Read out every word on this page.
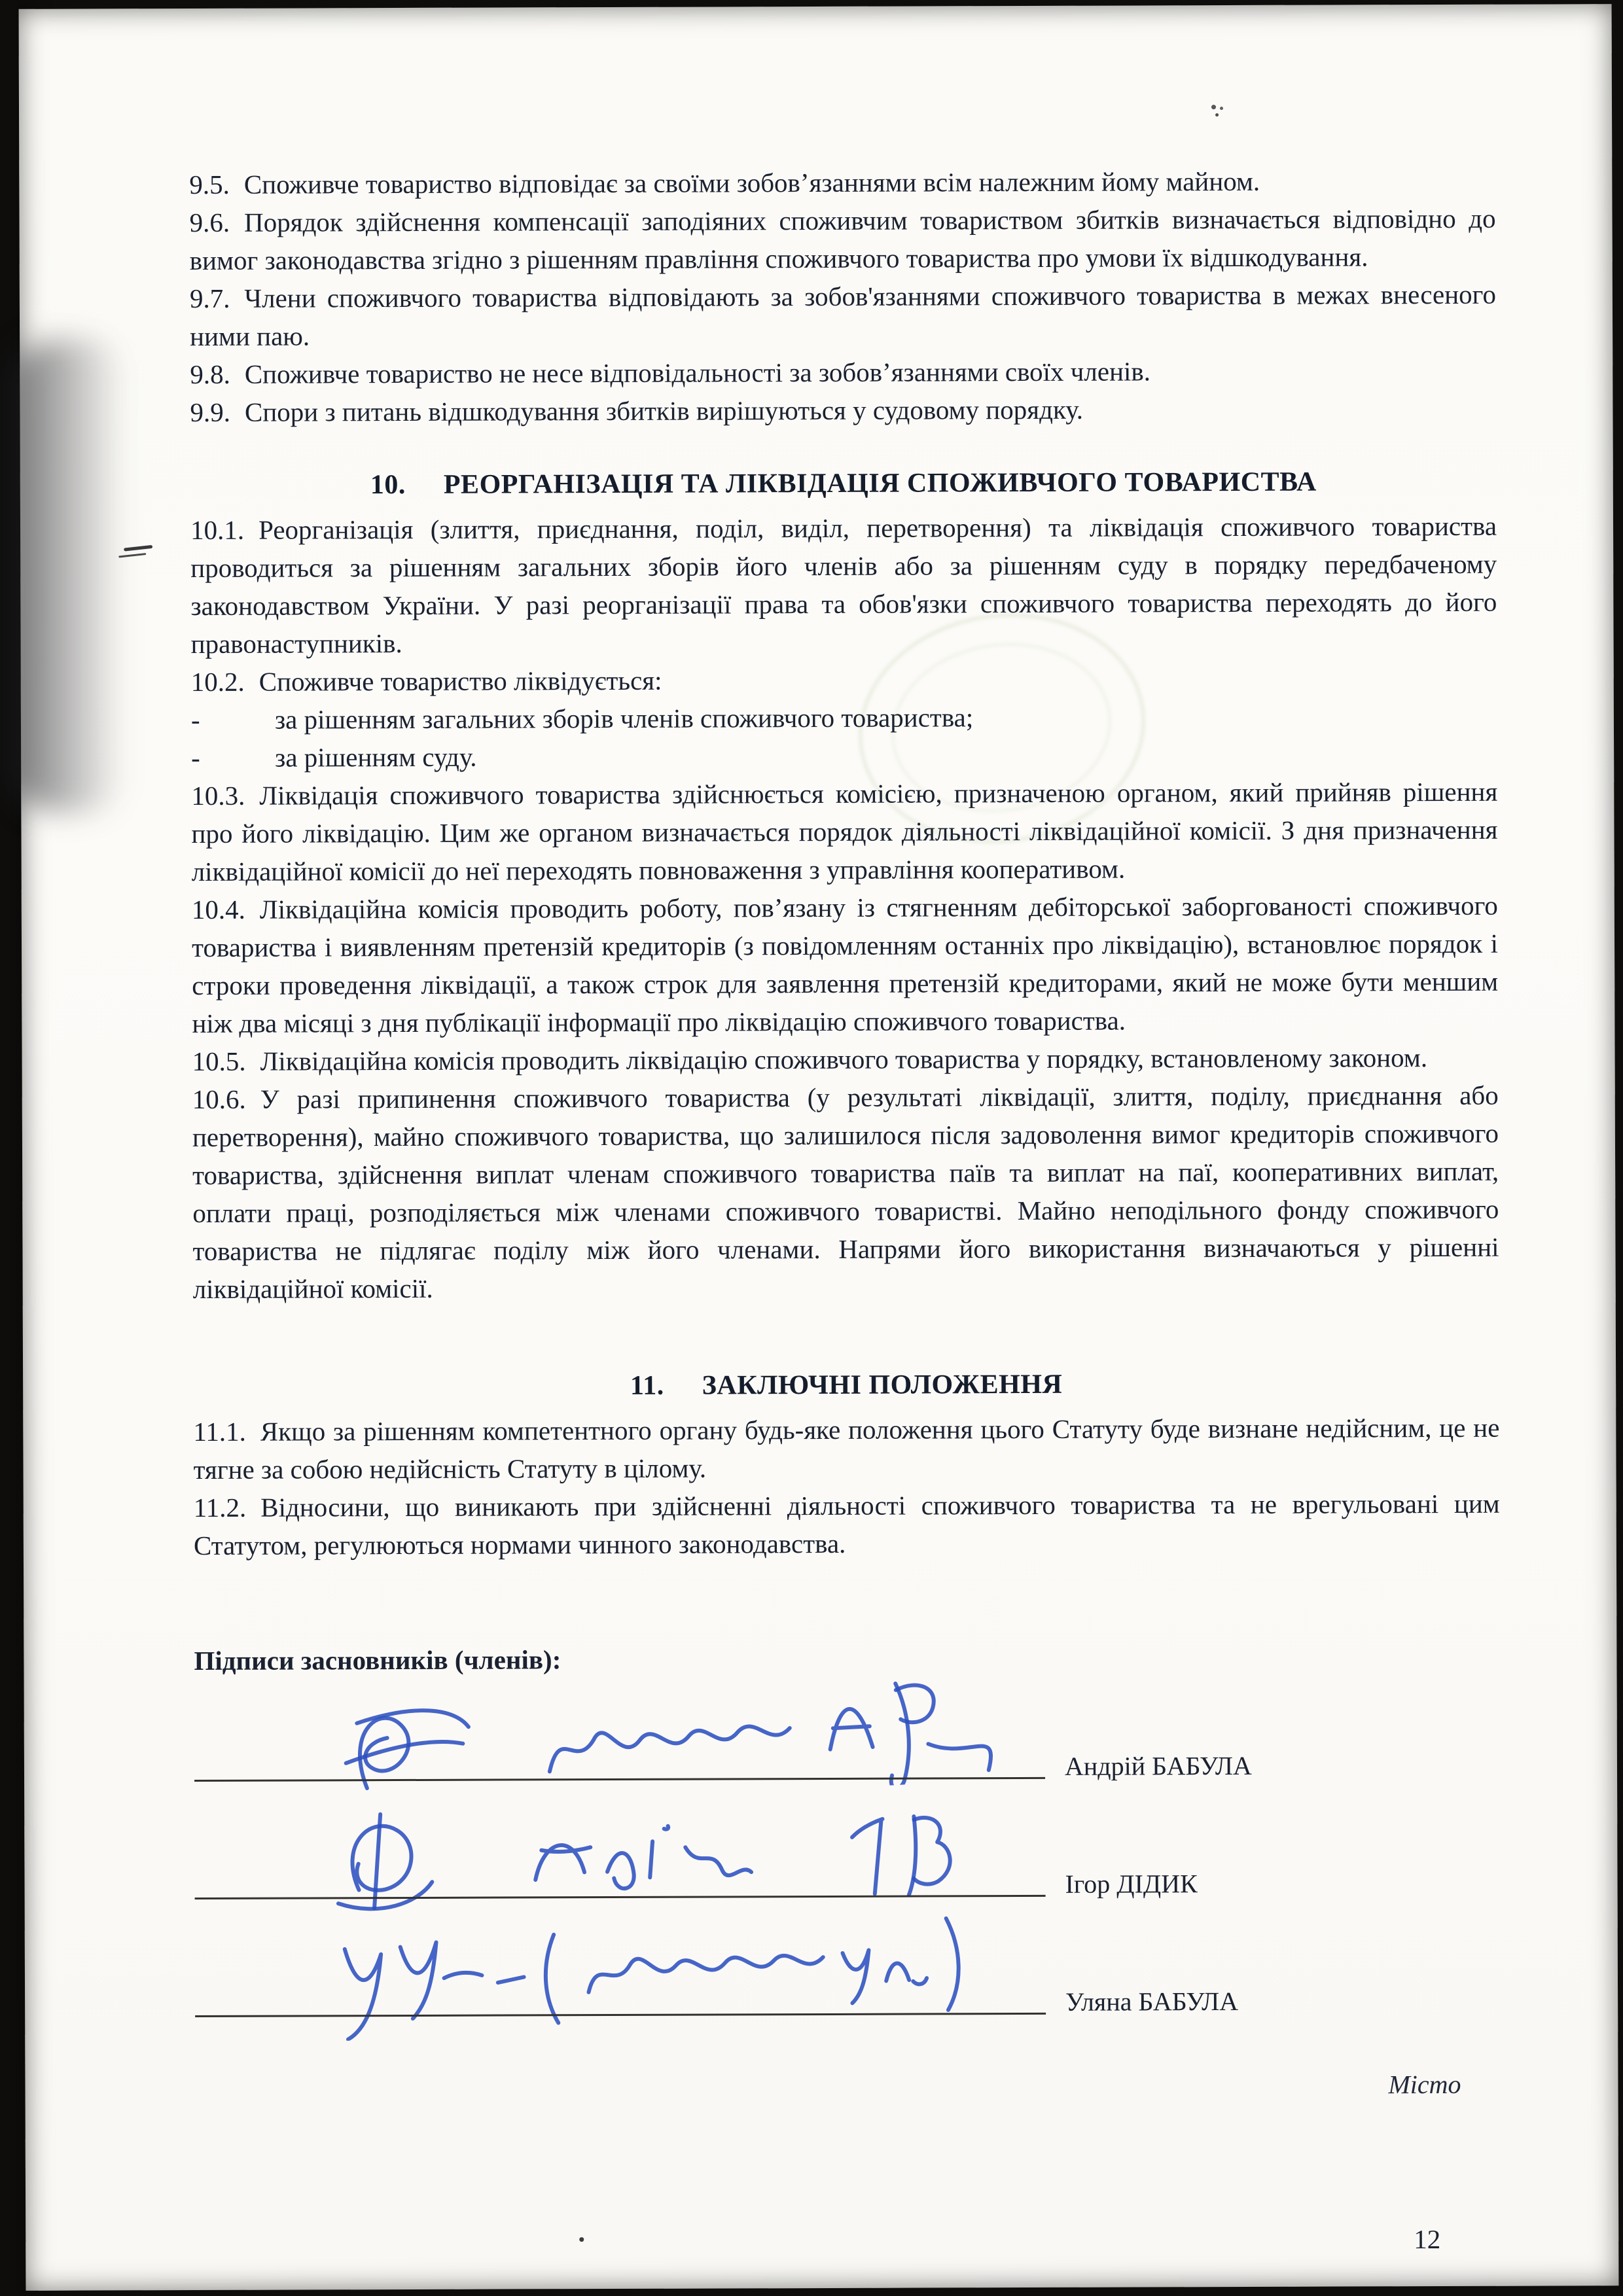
9.5. Споживче товариство відповідає за своїми зобов’язаннями всім належним йому майном.

9.6. Порядок здійснення компенсації заподіяних споживчим товариством збитків визначається відповідно до вимог законодавства згідно з рішенням правління споживчого товариства про умови їх відшкодування.

9.7. Члени споживчого товариства відповідають за зобов'язаннями споживчого товариства в межах внесеного ними паю.

9.8. Споживче товариство не несе відповідальності за зобов’язаннями своїх членів.

9.9. Спори з питань відшкодування збитків вирішуються у судовому порядку.

10. РЕОРГАНІЗАЦІЯ ТА ЛІКВІДАЦІЯ СПОЖИВЧОГО ТОВАРИСТВА

10.1. Реорганізація (злиття, приєднання, поділ, виділ, перетворення) та ліквідація споживчого товариства проводиться за рішенням загальних зборів його членів або за рішенням суду в порядку передбаченому законодавством України. У разі реорганізації права та обов'язки споживчого товариства переходять до його правонаступників.

10.2. Споживче товариство ліквідується:

-	за рішенням загальних зборів членів споживчого товариства;

-	за рішенням суду.

10.3. Ліквідація споживчого товариства здійснюється комісією, призначеною органом, який прийняв рішення про його ліквідацію. Цим же органом визначається порядок діяльності ліквідаційної комісії. З дня призначення ліквідаційної комісії до неї переходять повноваження з управління кооперативом.

10.4. Ліквідаційна комісія проводить роботу, пов’язану із стягненням дебіторської заборгованості споживчого товариства і виявленням претензій кредиторів (з повідомленням останніх про ліквідацію), встановлює порядок і строки проведення ліквідації, а також строк для заявлення претензій кредиторами, який не може бути меншим ніж два місяці з дня публікації інформації про ліквідацію споживчого товариства.

10.5. Ліквідаційна комісія проводить ліквідацію споживчого товариства у порядку, встановленому законом.

10.6. У разі припинення споживчого товариства (у результаті ліквідації, злиття, поділу, приєднання або перетворення), майно споживчого товариства, що залишилося після задоволення вимог кредиторів споживчого товариства, здійснення виплат членам споживчого товариства паїв та виплат на паї, кооперативних виплат, оплати праці, розподіляється між членами споживчого товаристві. Майно неподільного фонду споживчого товариства не підлягає поділу між його членами. Напрями його використання визначаються у рішенні ліквідаційної комісії.

11. ЗАКЛЮЧНІ ПОЛОЖЕННЯ

11.1. Якщо за рішенням компетентного органу будь-яке положення цього Статуту буде визнане недійсним, це не тягне за собою недійсність Статуту в цілому.

11.2. Відносини, що виникають при здійсненні діяльності споживчого товариства та не врегульовані цим Статутом, регулюються нормами чинного законодавства.

Підписи засновників (членів):

Андрій БАБУЛА
Ігор ДІДИК
Уляна БАБУЛА

Місто

12
